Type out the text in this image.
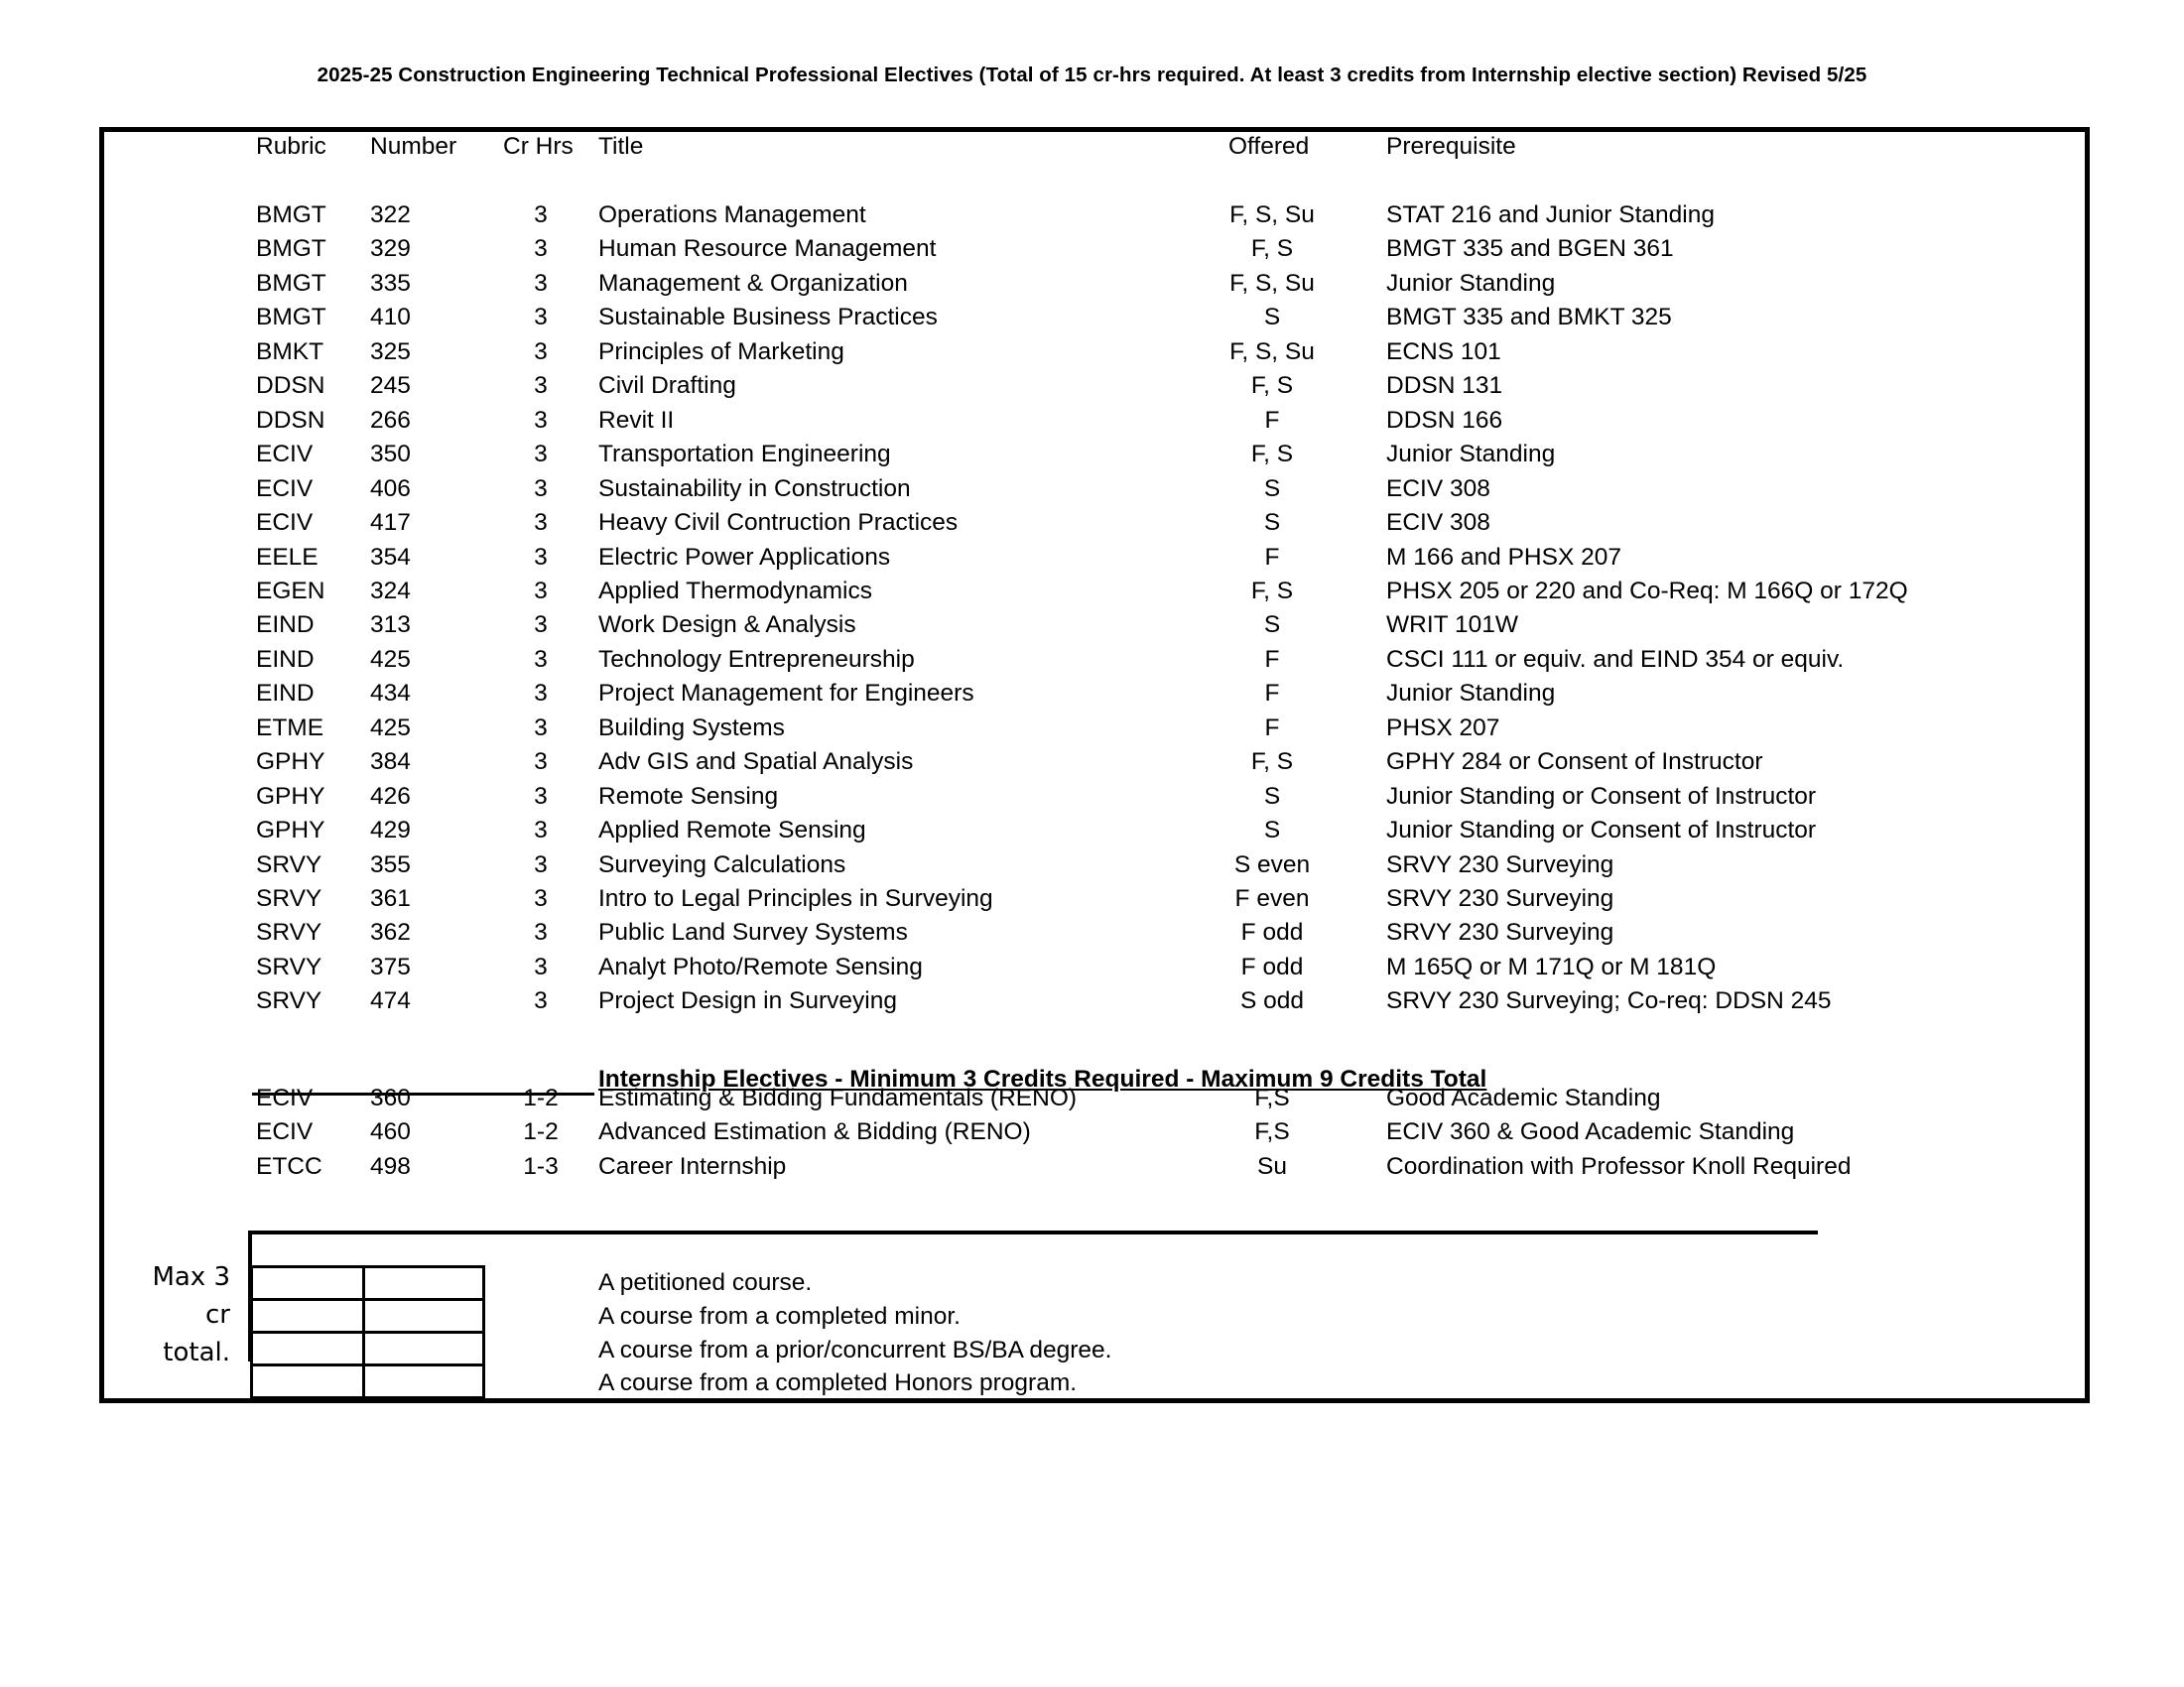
2025-25 Construction Engineering Technical Professional Electives (Total of 15 cr-hrs required. At least 3 credits from Internship elective section) Revised 5/25
Rubric Number Cr Hrs Title	Offered	Prerequisite
BMGT 322	3	Operations Management	F, S, Su	STAT 216 and Junior Standing
BMGT 329	3	Human Resource Management	F, S	BMGT 335 and BGEN 361
BMGT 335	3	Management & Organization	F, S, Su	Junior Standing
BMGT 410	3	Sustainable Business Practices	S	BMGT 335 and BMKT 325
BMKT 325	3	Principles of Marketing	F, S, Su	ECNS 101
DDSN 245	3	Civil Drafting	F, S	DDSN 131
DDSN 266	3	Revit II	F	DDSN 166
ECIV 350	3	Transportation Engineering	F, S	Junior Standing
ECIV 406	3	Sustainability in Construction	S	ECIV 308
ECIV 417	3	Heavy Civil Contruction Practices	S	ECIV 308
EELE 354	3	Electric Power Applications	F	M 166 and PHSX 207
EGEN 324	3	Applied Thermodynamics	F, S	PHSX 205 or 220 and Co-Req: M 166Q or 172Q
EIND 313	3	Work Design & Analysis	S	WRIT 101W
EIND 425	3	Technology Entrepreneurship	F	CSCI 111 or equiv. and EIND 354 or equiv.
EIND 434	3	Project Management for Engineers	F	Junior Standing
ETME 425	3	Building Systems	F	PHSX 207
GPHY 384	3	Adv GIS and Spatial Analysis	F, S	GPHY 284 or Consent of Instructor
GPHY 426	3	Remote Sensing	S	Junior Standing or Consent of Instructor
GPHY 429	3	Applied Remote Sensing	S	Junior Standing or Consent of Instructor
SRVY 355	3	Surveying Calculations	S even	SRVY 230 Surveying
SRVY 361	3	Intro to Legal Principles in Surveying	F even	SRVY 230 Surveying
SRVY 362	3	Public Land Survey Systems	F odd	SRVY 230 Surveying
SRVY 375	3	Analyt Photo/Remote Sensing	F odd	M 165Q or M 171Q or M 181Q
SRVY 474	3	Project Design in Surveying	S odd	SRVY 230 Surveying; Co-req: DDSN 245
Internship Electives - Minimum 3 Credits Required - Maximum 9 Credits Total
ECIV 360	1-2	Estimating & Bidding Fundamentals (RENO)	F,S	Good Academic Standing
ECIV 460	1-2	Advanced Estimation & Bidding (RENO)	F,S	ECIV 360 & Good Academic Standing
ETCC 498	1-3	Career Internship	Su	Coordination with Professor Knoll Required

Max 3 cr
total.
A petitioned course.
A course from a completed minor.
A course from a prior/concurrent BS/BA degree.
A course from a completed Honors program.
